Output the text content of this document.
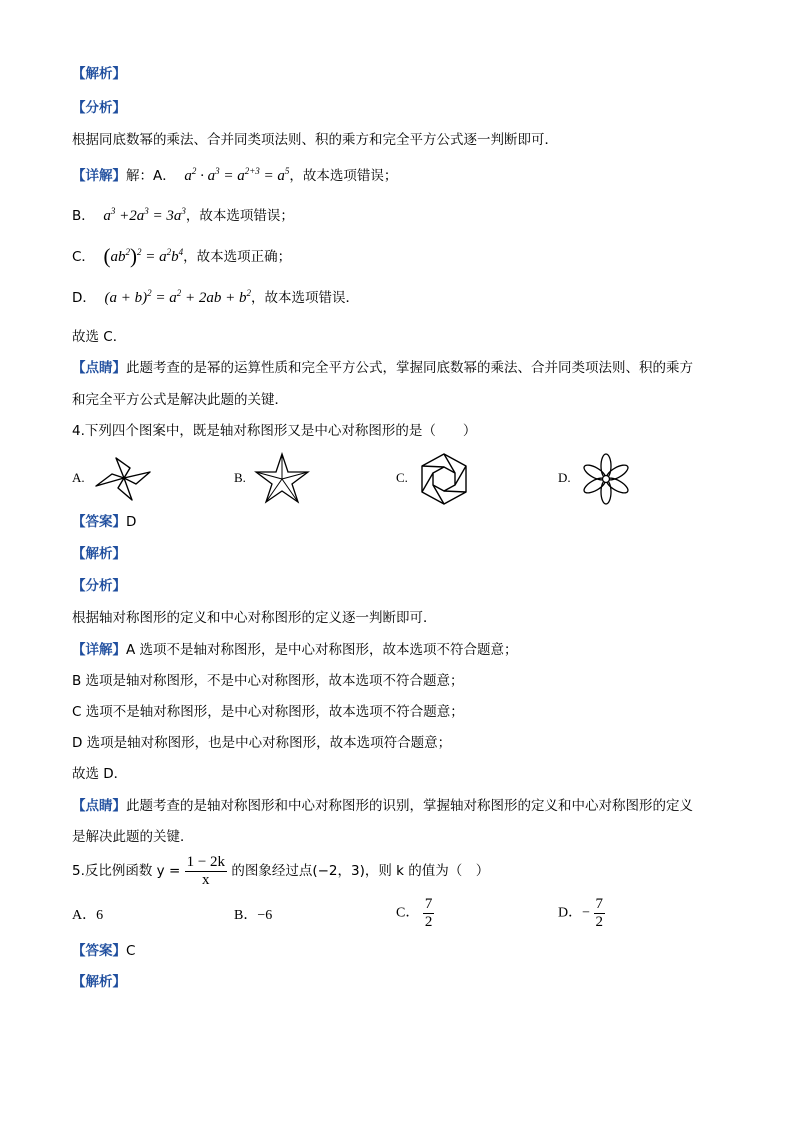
【解析】
【分析】
根据同底数幂的乘法、合并同类项法则、积的乘方和完全平方公式逐一判断即可．
【详解】解：A． $a^2 \cdot a^3 = a^{2+3} = a^5$，故本选项错误；
B． $a^3 +2a^3 = 3a^3$，故本选项错误；
C． $(ab^2)^2 = a^2b^4$，故本选项正确；
D． $(a + b)^2 = a^2 + 2ab + b^2$，故本选项错误．
故选 C．
【点睛】此题考查的是幂的运算性质和完全平方公式，掌握同底数幂的乘法、合并同类项法则、积的乘方
和完全平方公式是解决此题的关键．
4.下列四个图案中，既是轴对称图形又是中心对称图形的是（　　）
A.	B.	C.	D.
【答案】D
【解析】
【分析】
根据轴对称图形的定义和中心对称图形的定义逐一判断即可．
【详解】A 选项不是轴对称图形，是中心对称图形，故本选项不符合题意；
B 选项是轴对称图形，不是中心对称图形，故本选项不符合题意；
C 选项不是轴对称图形，是中心对称图形，故本选项不符合题意；
D 选项是轴对称图形，也是中心对称图形，故本选项符合题意；
故选 D．
【点睛】此题考查的是轴对称图形和中心对称图形的识别，掌握轴对称图形的定义和中心对称图形的定义
是解决此题的关键．
5.反比例函数 $y = \frac{1 - 2k}{x}$ 的图象经过点(−2，3)，则 k 的值为（　）
A．6	B．−6	C． $\frac{7}{2}$	D．− $\frac{7}{2}$
【答案】C
【解析】
